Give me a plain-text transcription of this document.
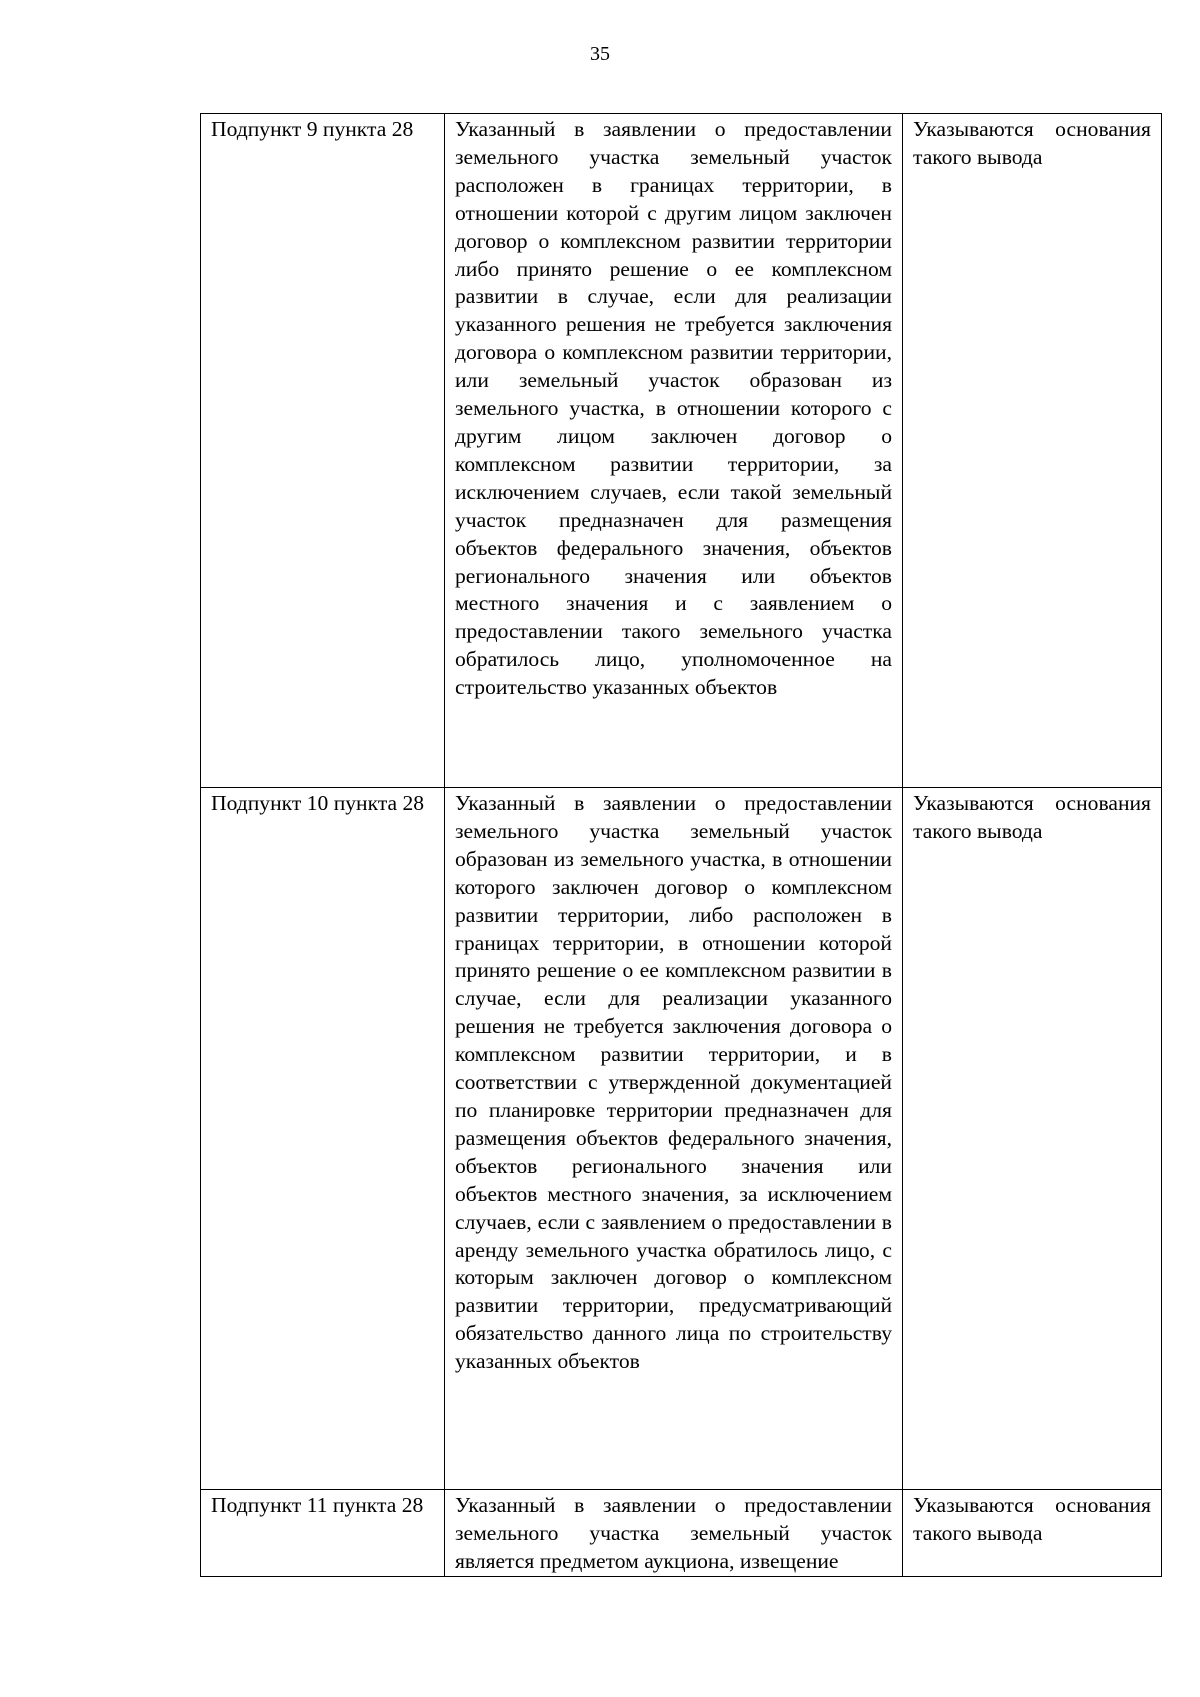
35
Подпункт 9 пункта 28	Указанный в заявлении о предоставлении земельного участка земельный участок расположен в границах территории, в отношении которой с другим лицом заключен договор о комплексном развитии территории либо принято решение о ее комплексном развитии в случае, если для реализации указанного решения не требуется заключения договора о комплексном развитии территории, или земельный участок образован из земельного участка, в отношении которого с другим лицом заключен договор о комплексном развитии территории, за исключением случаев, если такой земельный участок предназначен для размещения объектов федерального значения, объектов регионального значения или объектов местного значения и с заявлением о предоставлении такого земельного участка обратилось лицо, уполномоченное на строительство указанных объектов	Указываются основания такого вывода

Подпункт 10 пункта 28	Указанный в заявлении о предоставлении земельного участка земельный участок образован из земельного участка, в отношении которого заключен договор о комплексном развитии территории, либо расположен в границах территории, в отношении которой принято решение о ее комплексном развитии в случае, если для реализации указанного решения не требуется заключения договора о комплексном развитии территории, и в соответствии с утвержденной документацией по планировке территории предназначен для размещения объектов федерального значения, объектов регионального значения или объектов местного значения, за исключением случаев, если с заявлением о предоставлении в аренду земельного участка обратилось лицо, с которым заключен договор о комплексном развитии территории, предусматривающий обязательство данного лица по строительству указанных объектов	Указываются основания такого вывода

Подпункт 11 пункта 28	Указанный в заявлении о предоставлении земельного участка земельный участок является предметом аукциона, извещение	Указываются основания такого вывода
